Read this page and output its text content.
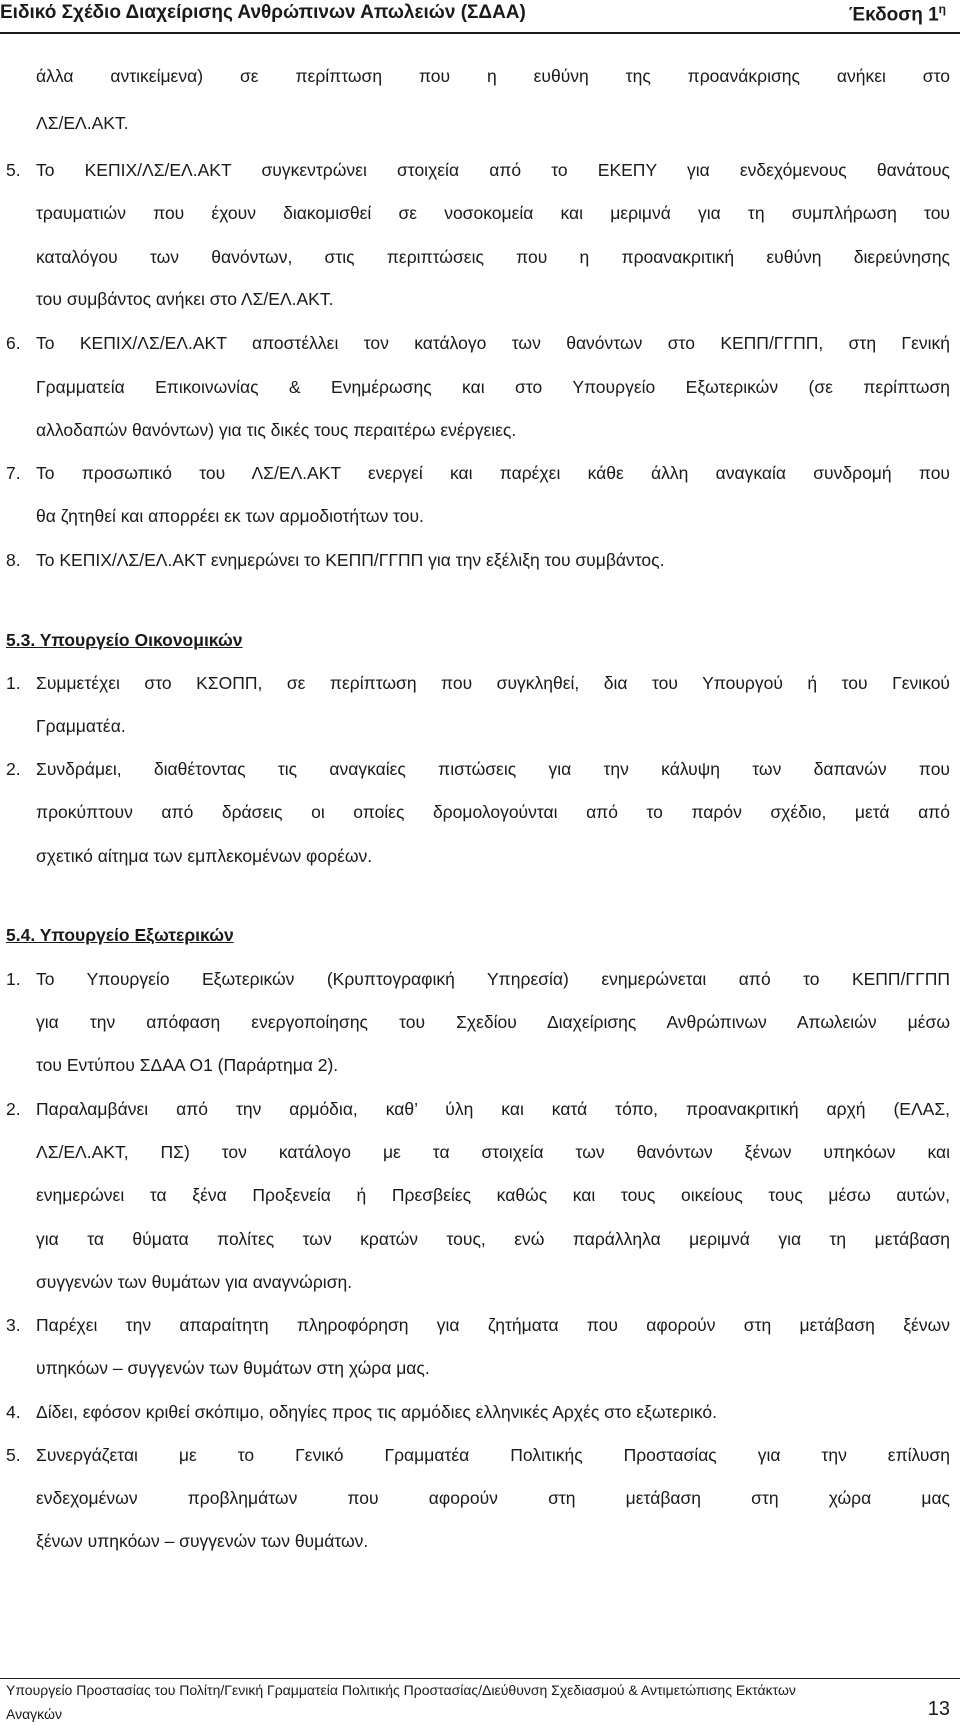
Ειδικό Σχέδιο Διαχείρισης Ανθρώπινων Απωλειών (ΣΔΑΑ)	Έκδοση $1^\eta$
άλλα αντικείμενα) σε περίπτωση που η ευθύνη της προανάκρισης ανήκει στο
ΛΣ/ΕΛ.ΑΚΤ.
5. Το ΚΕΠΙΧ/ΛΣ/ΕΛ.ΑΚΤ συγκεντρώνει στοιχεία από το ΕΚΕΠΥ για ενδεχόμενους θανάτους
τραυματιών που έχουν διακομισθεί σε νοσοκομεία και μεριμνά για τη συμπλήρωση του
καταλόγου των θανόντων, στις περιπτώσεις που η προανακριτική ευθύνη διερεύνησης
του συμβάντος ανήκει στο ΛΣ/ΕΛ.ΑΚΤ.
6. Το ΚΕΠΙΧ/ΛΣ/ΕΛ.ΑΚΤ αποστέλλει τον κατάλογο των θανόντων στο ΚΕΠΠ/ΓΓΠΠ, στη Γενική
Γραμματεία Επικοινωνίας & Ενημέρωσης και στο Υπουργείο Εξωτερικών (σε περίπτωση
αλλοδαπών θανόντων) για τις δικές τους περαιτέρω ενέργειες.
7. Το προσωπικό του ΛΣ/ΕΛ.ΑΚΤ ενεργεί και παρέχει κάθε άλλη αναγκαία συνδρομή που
θα ζητηθεί και απορρέει εκ των αρμοδιοτήτων του.
8. Το ΚΕΠΙΧ/ΛΣ/ΕΛ.ΑΚΤ ενημερώνει το ΚΕΠΠ/ΓΓΠΠ για την εξέλιξη του συμβάντος.
5.3. Υπουργείο Οικονομικών
1. Συμμετέχει στο ΚΣΟΠΠ, σε περίπτωση που συγκληθεί, δια του Υπουργού ή του Γενικού
Γραμματέα.
2. Συνδράμει, διαθέτοντας τις αναγκαίες πιστώσεις για την κάλυψη των δαπανών που
προκύπτουν από δράσεις οι οποίες δρομολογούνται από το παρόν σχέδιο, μετά από
σχετικό αίτημα των εμπλεκομένων φορέων.
5.4. Υπουργείο Εξωτερικών
1. Το Υπουργείο Εξωτερικών (Κρυπτογραφική Υπηρεσία) ενημερώνεται από το ΚΕΠΠ/ΓΓΠΠ
για την απόφαση ενεργοποίησης του Σχεδίου Διαχείρισης Ανθρώπινων Απωλειών μέσω
του Εντύπου ΣΔΑΑ Ο1 (Παράρτημα 2).
2. Παραλαμβάνει από την αρμόδια, καθ’ ύλη και κατά τόπο, προανακριτική αρχή (ΕΛΑΣ,
ΛΣ/ΕΛ.ΑΚΤ, ΠΣ) τον κατάλογο με τα στοιχεία των θανόντων ξένων υπηκόων και
ενημερώνει τα ξένα Προξενεία ή Πρεσβείες καθώς και τους οικείους τους μέσω αυτών,
για τα θύματα πολίτες των κρατών τους, ενώ παράλληλα μεριμνά για τη μετάβαση
συγγενών των θυμάτων για αναγνώριση.
3. Παρέχει την απαραίτητη πληροφόρηση για ζητήματα που αφορούν στη μετάβαση ξένων
υπηκόων – συγγενών των θυμάτων στη χώρα μας.
4. Δίδει, εφόσον κριθεί σκόπιμο, οδηγίες προς τις αρμόδιες ελληνικές Αρχές στο εξωτερικό.
5. Συνεργάζεται με το Γενικό Γραμματέα Πολιτικής Προστασίας για την επίλυση
ενδεχομένων προβλημάτων που αφορούν στη μετάβαση στη χώρα μας
ξένων υπηκόων – συγγενών των θυμάτων.
Υπουργείο Προστασίας του Πολίτη/Γενική Γραμματεία Πολιτικής Προστασίας/Διεύθυνση Σχεδιασμού & Αντιμετώπισης Εκτάκτων
Αναγκών	13
